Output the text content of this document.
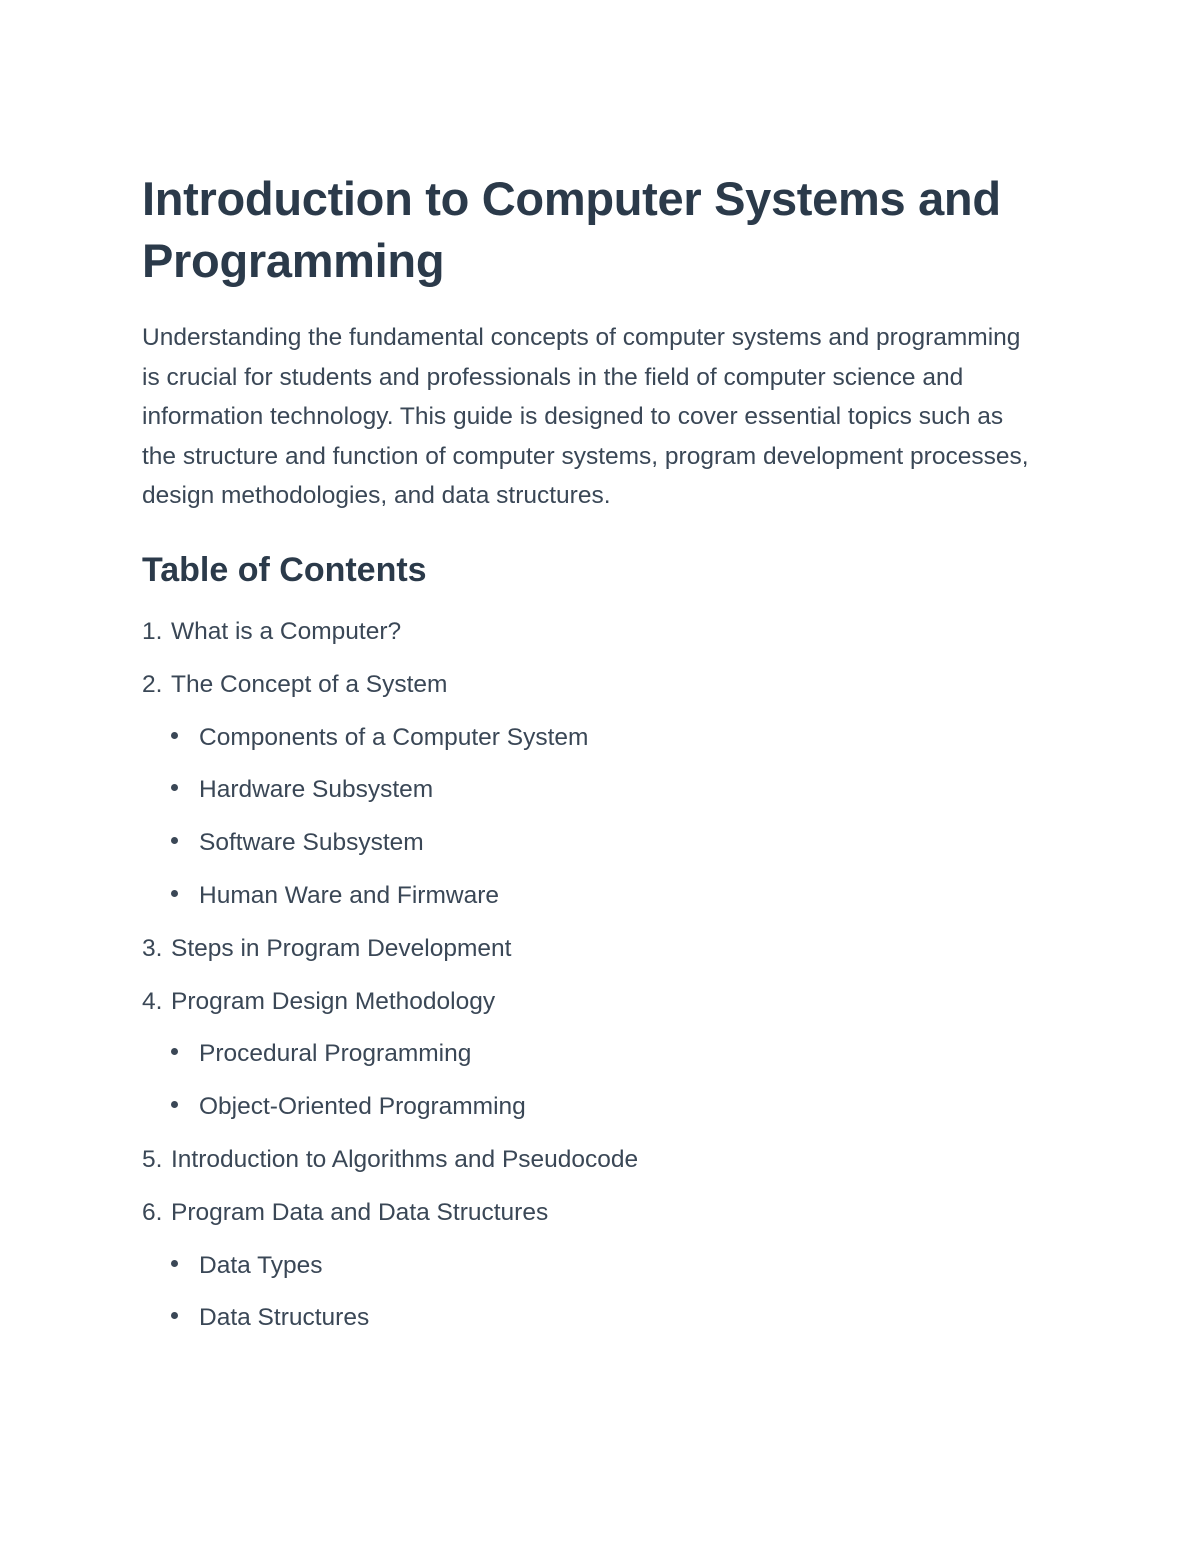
Introduction to Computer Systems and Programming

Understanding the fundamental concepts of computer systems and programming is crucial for students and professionals in the field of computer science and information technology. This guide is designed to cover essential topics such as the structure and function of computer systems, program development processes, design methodologies, and data structures.

Table of Contents
1. What is a Computer?
2. The Concept of a System
Components of a Computer System
Hardware Subsystem
Software Subsystem
Human Ware and Firmware
3. Steps in Program Development
4. Program Design Methodology
Procedural Programming
Object-Oriented Programming
5. Introduction to Algorithms and Pseudocode
6. Program Data and Data Structures
Data Types
Data Structures
